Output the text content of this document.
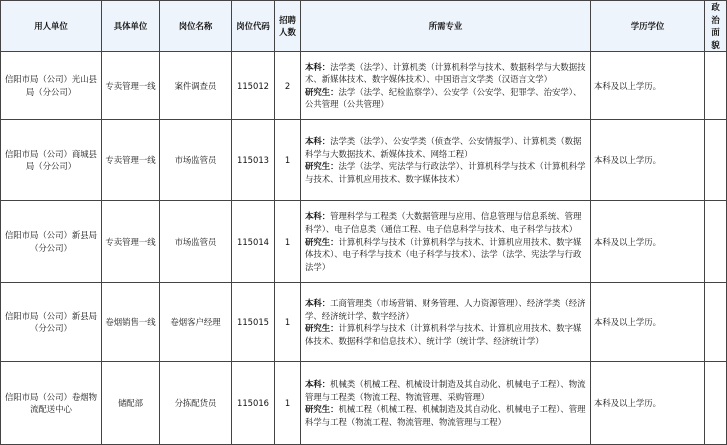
用人单位	具体单位	岗位名称	岗位代码	招聘人数	所需专业	学历学位	政治面貌
信阳市局（公司）光山县局（分公司）	专卖管理一线	案件调查员	115012	2	本科：法学类（法学）、计算机类（计算机科学与技术、数据科学与大数据技术、新媒体技术、数字媒体技术）、中国语言文学类（汉语言文学）
研究生：法学（法学、纪检监察学）、公安学（公安学、犯罪学、治安学）、公共管理（公共管理）	本科及以上学历。	
信阳市局（公司）商城县局（分公司）	专卖管理一线	市场监管员	115013	1	本科：法学类（法学）、公安学类（侦查学、公安情报学）、计算机类（数据科学与大数据技术、新媒体技术、网络工程）
研究生：法学（法学、宪法学与行政法学）、计算机科学与技术（计算机科学与技术、计算机应用技术、数字媒体技术）	本科及以上学历。	
信阳市局（公司）新县局（分公司）	专卖管理一线	市场监管员	115014	1	本科：管理科学与工程类（大数据管理与应用、信息管理与信息系统、管理科学）、电子信息类（通信工程、电子信息科学与技术、电子科学与技术）
研究生：计算机科学与技术（计算机科学与技术、计算机应用技术、数字媒体技术）、电子科学与技术（电子科学与技术）、法学（法学、宪法学与行政法学）	本科及以上学历。	
信阳市局（公司）新县局（分公司）	卷烟销售一线	卷烟客户经理	115015	1	本科：工商管理类（市场营销、财务管理、人力资源管理）、经济学类（经济学、经济统计学、数字经济）
研究生：计算机科学与技术（计算机科学与技术、计算机应用技术、数字媒体技术、数据科学和信息技术）、统计学（统计学、经济统计学）	本科及以上学历。	
信阳市局（公司）卷烟物流配送中心	储配部	分拣配货员	115016	1	本科：机械类（机械工程、机械设计制造及其自动化、机械电子工程）、物流管理与工程类（物流工程、物流管理、采购管理）
研究生：机械工程（机械工程、机械制造及其自动化、机械电子工程）、管理科学与工程（物流工程、物流管理、物流管理与工程）	本科及以上学历。	
